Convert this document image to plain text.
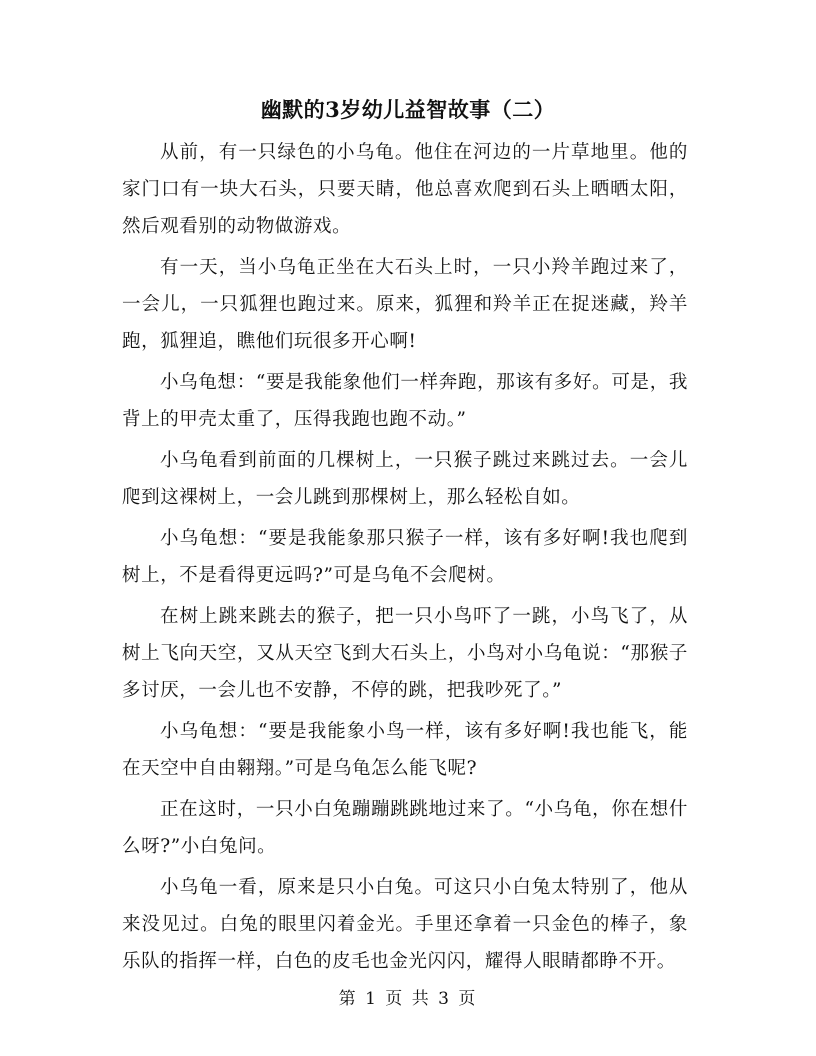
幽默的3岁幼儿益智故事（二）

从前，有一只绿色的小乌龟。他住在河边的一片草地里。他的家门口有一块大石头，只要天睛，他总喜欢爬到石头上晒晒太阳，然后观看别的动物做游戏。

有一天，当小乌龟正坐在大石头上时，一只小羚羊跑过来了，一会儿，一只狐狸也跑过来。原来，狐狸和羚羊正在捉迷藏，羚羊跑，狐狸追，瞧他们玩很多开心啊!

小乌龟想：“要是我能象他们一样奔跑，那该有多好。可是，我背上的甲壳太重了，压得我跑也跑不动。”

小乌龟看到前面的几棵树上，一只猴子跳过来跳过去。一会儿爬到这裸树上，一会儿跳到那棵树上，那么轻松自如。

小乌龟想：“要是我能象那只猴子一样，该有多好啊!我也爬到树上，不是看得更远吗?”可是乌龟不会爬树。

在树上跳来跳去的猴子，把一只小鸟吓了一跳，小鸟飞了，从树上飞向天空，又从天空飞到大石头上，小鸟对小乌龟说：“那猴子多讨厌，一会儿也不安静，不停的跳，把我吵死了。”

小乌龟想：“要是我能象小鸟一样，该有多好啊!我也能飞，能在天空中自由翱翔。”可是乌龟怎么能飞呢?

正在这时，一只小白兔蹦蹦跳跳地过来了。“小乌龟，你在想什么呀?”小白兔问。

小乌龟一看，原来是只小白兔。可这只小白兔太特别了，他从来没见过。白兔的眼里闪着金光。手里还拿着一只金色的棒子，象乐队的指挥一样，白色的皮毛也金光闪闪，耀得人眼睛都睁不开。

第 1 页 共 3 页
